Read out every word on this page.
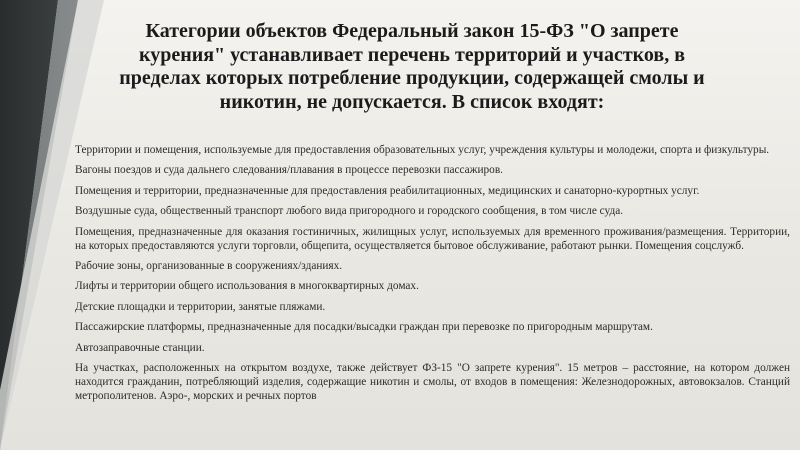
Категории объектов Федеральный закон 15-ФЗ "О запрете
курения" устанавливает перечень территорий и участков, в
пределах которых потребление продукции, содержащей смолы и
никотин, не допускается. В список входят:
Территории и помещения, используемые для предоставления образовательных услуг, учреждения культуры и молодежи, спорта и физкультуры.
Вагоны поездов и суда дальнего следования/плавания в процессе перевозки пассажиров.
Помещения и территории, предназначенные для предоставления реабилитационных, медицинских и санаторно-курортных услуг.
Воздушные суда, общественный транспорт любого вида пригородного и городского сообщения, в том числе суда.
Помещения, предназначенные для оказания гостиничных, жилищных услуг, используемых для временного проживания/размещения. Территории, на которых предоставляются услуги торговли, общепита, осуществляется бытовое обслуживание, работают рынки. Помещения соцслужб.
Рабочие зоны, организованные в сооружениях/зданиях.
Лифты и территории общего использования в многоквартирных домах.
Детские площадки и территории, занятые пляжами.
Пассажирские платформы, предназначенные для посадки/высадки граждан при перевозке по пригородным маршрутам.
Автозаправочные станции.
На участках, расположенных на открытом воздухе, также действует ФЗ-15 "О запрете курения". 15 метров – расстояние, на котором должен находится гражданин, потребляющий изделия, содержащие никотин и смолы, от входов в помещения: Железнодорожных, автовокзалов. Станций метрополитенов. Аэро-, морских и речных портов
